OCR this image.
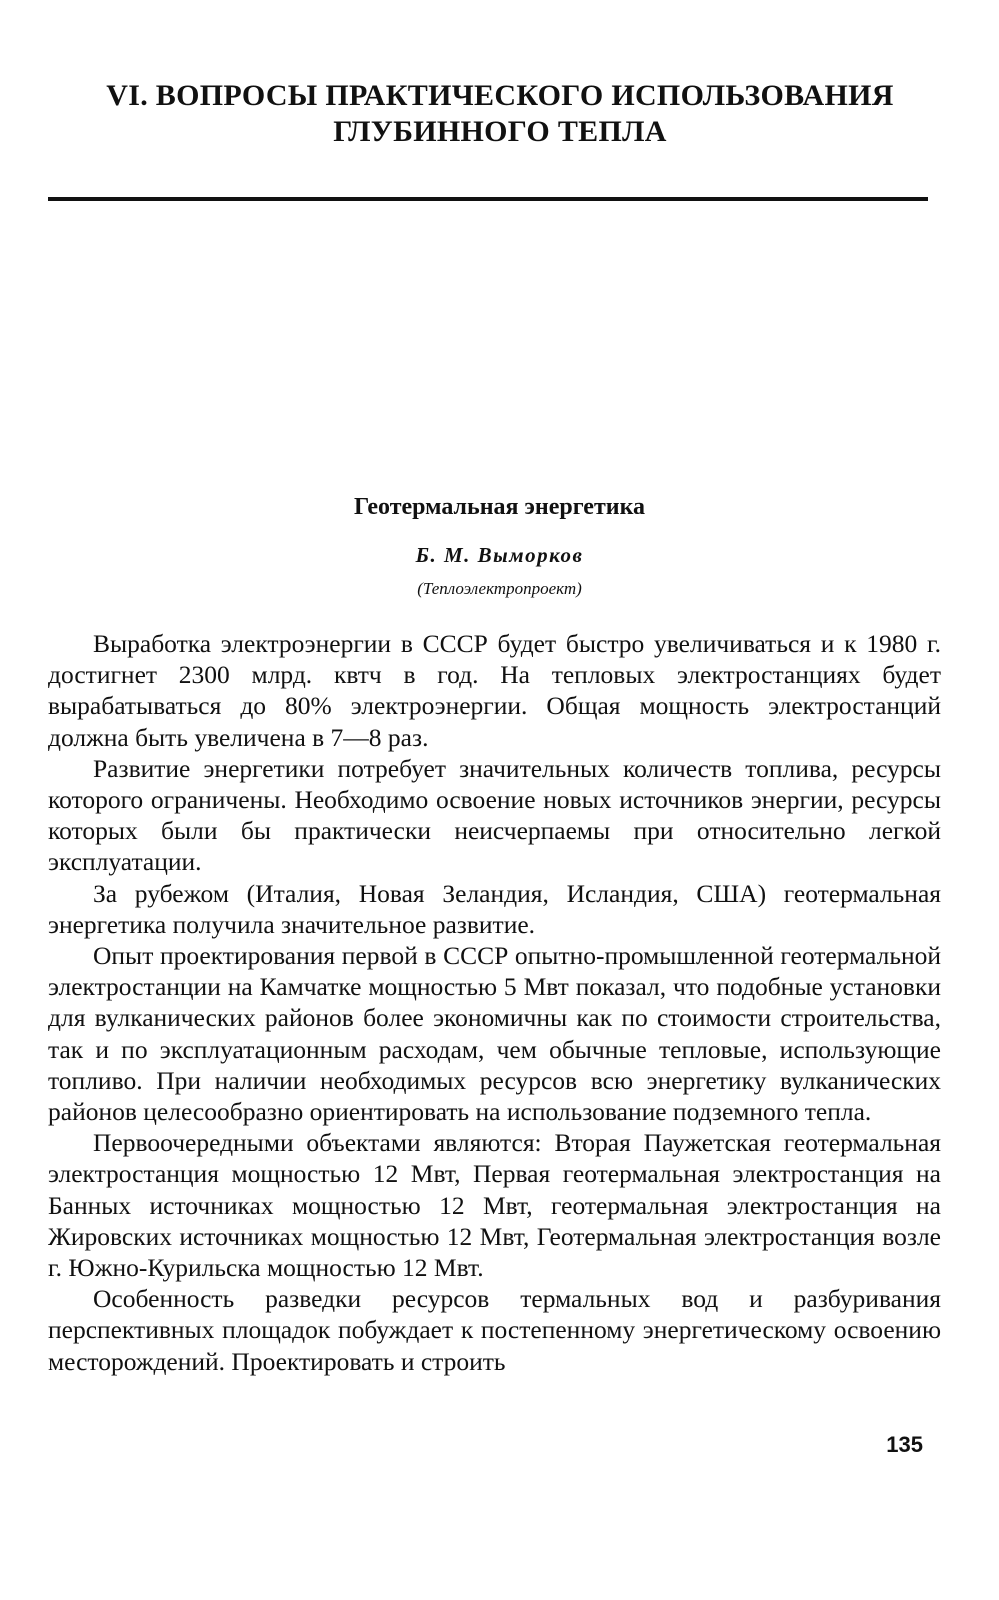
VI. ВОПРОСЫ ПРАКТИЧЕСКОГО ИСПОЛЬЗОВАНИЯ
ГЛУБИННОГО ТЕПЛА
Геотермальная энергетика
Б. М. Выморков
(Теплоэлектропроект)

Выработка электроэнергии в СССР будет быстро увеличиваться и к 1980 г. достигнет 2300 млрд. квтч в год. На тепловых электростанциях будет вырабатываться до 80% электроэнергии. Общая мощность электростанций должна быть увеличена в 7—8 раз.

Развитие энергетики потребует значительных количеств топлива, ресурсы которого ограничены. Необходимо освоение новых источников энергии, ресурсы которых были бы практически неисчерпаемы при относительно легкой эксплуатации.

За рубежом (Италия, Новая Зеландия, Исландия, США) геотермальная энергетика получила значительное развитие.

Опыт проектирования первой в СССР опытно-промышленной геотермальной электростанции на Камчатке мощностью 5 Мвт показал, что подобные установки для вулканических районов более экономичны как по стоимости строительства, так и по эксплуатационным расходам, чем обычные тепловые, использующие топливо. При наличии необходимых ресурсов всю энергетику вулканических районов целесообразно ориентировать на использование подземного тепла.

Первоочередными объектами являются: Вторая Паужетская геотермальная электростанция мощностью 12 Мвт, Первая геотермальная электростанция на Банных источниках мощностью 12 Мвт, геотермальная электростанция на Жировских источниках мощностью 12 Мвт, Геотермальная электростанция возле г. Южно-Курильска мощностью 12 Мвт.

Особенность разведки ресурсов термальных вод и разбуривания перспективных площадок побуждает к постепенному энергетическому освоению месторождений. Проектировать и строить

135
